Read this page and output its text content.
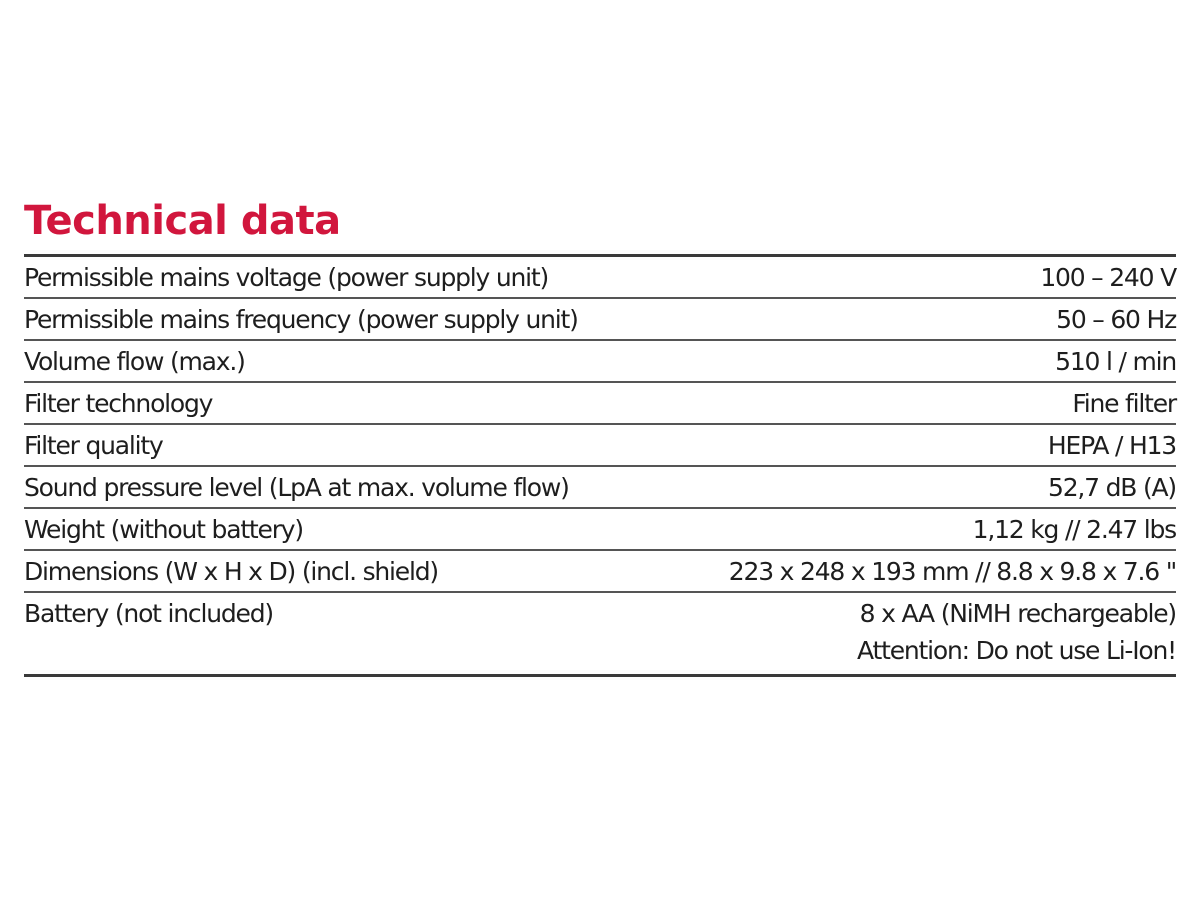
Technical data
Permissible mains voltage (power supply unit)	100 – 240 V
Permissible mains frequency (power supply unit)	50 – 60 Hz
Volume flow (max.)	510 l / min
Filter technology	Fine filter
Filter quality	HEPA / H13
Sound pressure level (LpA at max. volume flow)	52,7 dB (A)
Weight (without battery)	1,12 kg // 2.47 lbs
Dimensions (W x H x D) (incl. shield)	223 x 248 x 193 mm // 8.8 x 9.8 x 7.6 "
Battery (not included)	8 x AA (NiMH rechargeable)
Attention: Do not use Li-Ion!
